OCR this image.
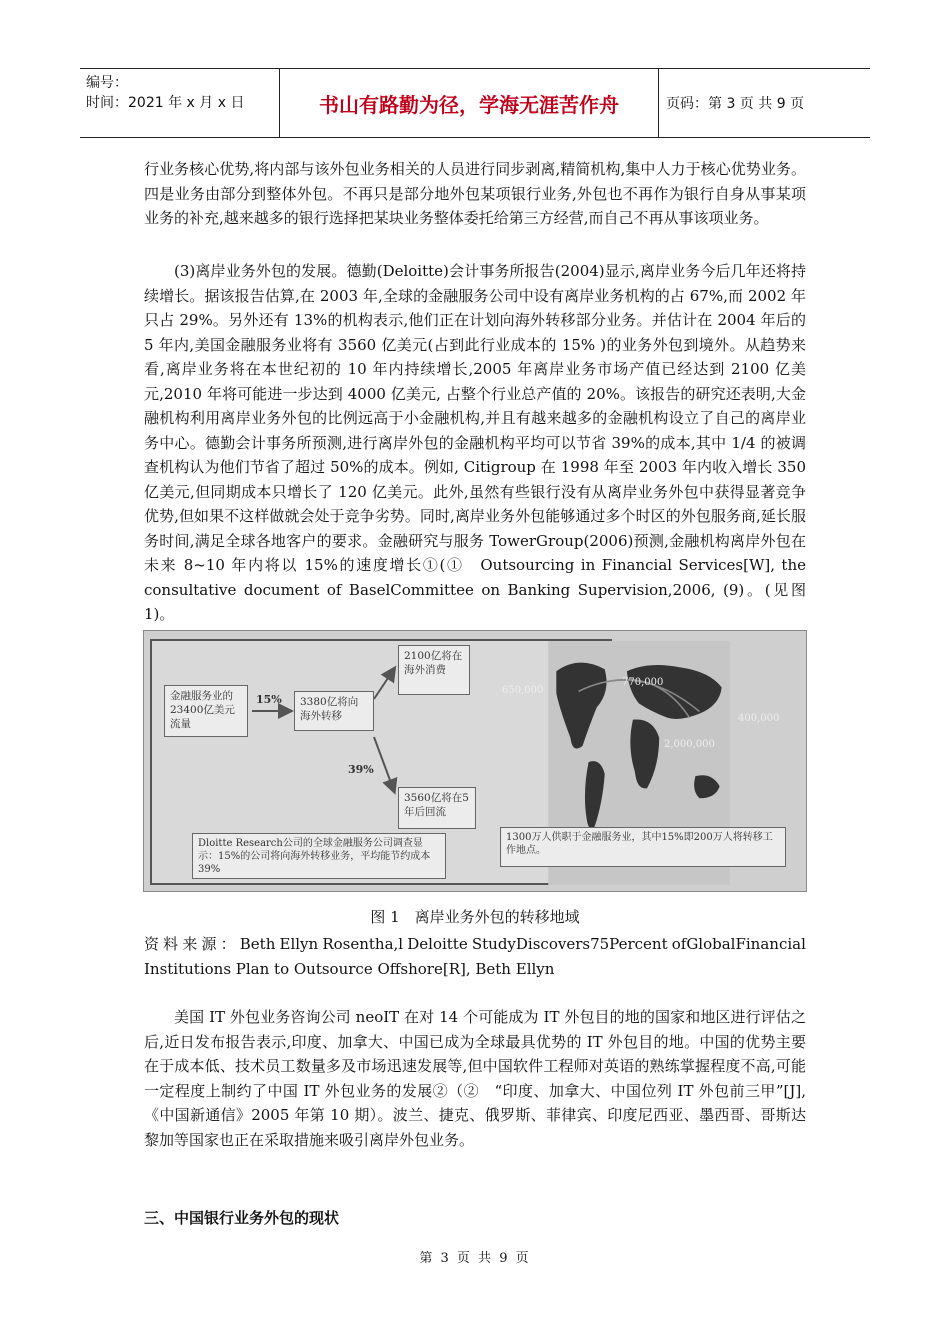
编号：
时间：2021 年 x 月 x 日	书山有路勤为径，学海无涯苦作舟	页码：第 3 页 共 9 页

行业务核心优势,将内部与该外包业务相关的人员进行同步剥离,精简机构,集中人力于核心优势业务。四是业务由部分到整体外包。不再只是部分地外包某项银行业务,外包也不再作为银行自身从事某项业务的补充,越来越多的银行选择把某块业务整体委托给第三方经营,而自己不再从事该项业务。

(3)离岸业务外包的发展。德勤(Deloitte)会计事务所报告(2004)显示,离岸业务今后几年还将持续增长。据该报告估算,在 2003 年,全球的金融服务公司中设有离岸业务机构的占 67%,而 2002 年只占 29%。另外还有 13%的机构表示,他们正在计划向海外转移部分业务。并估计在 2004 年后的 5 年内,美国金融服务业将有 3560 亿美元(占到此行业成本的 15% )的业务外包到境外。从趋势来看,离岸业务将在本世纪初的 10 年内持续增长,2005 年离岸业务市场产值已经达到 2100 亿美元,2010 年将可能进一步达到 4000 亿美元, 占整个行业总产值的 20%。该报告的研究还表明,大金融机构利用离岸业务外包的比例远高于小金融机构,并且有越来越多的金融机构设立了自己的离岸业务中心。德勤会计事务所预测,进行离岸外包的金融机构平均可以节省 39%的成本,其中 1/4 的被调查机构认为他们节省了超过 50%的成本。例如, Citigroup 在 1998 年至 2003 年内收入增长 350 亿美元,但同期成本只增长了 120 亿美元。此外,虽然有些银行没有从离岸业务外包中获得显著竞争优势,但如果不这样做就会处于竞争劣势。同时,离岸业务外包能够通过多个时区的外包服务商,延长服务时间,满足全球各地客户的要求。金融研究与服务 TowerGroup(2006)预测,金融机构离岸外包在未来 8~10 年内将以 15%的速度增长①(①　Outsourcing in Financial Services[W], the consultative document of BaselCommittee on Banking Supervision,2006, (9)。(见图 1)。

金融服务业的23400亿美元流量
15%	3380亿将向海外转移
2100亿将在海外消费
39%
3560亿将在5年后回流
Dloitte Research公司的全球金融服务公司调查显示：15%的公司将向海外转移业务，平均能节约成本39%
650,000
770,000
400,000
2,000,000
1300万人供职于金融服务业，其中15%即200万人将转移工作地点。
图 1　离岸业务外包的转移地域
资 料 来 源 ： Beth Ellyn Rosentha,l Deloitte StudyDiscovers75Percent ofGlobalFinancial
Institutions Plan to Outsource Offshore[R], Beth Ellyn

美国 IT 外包业务咨询公司 neoIT 在对 14 个可能成为 IT 外包目的地的国家和地区进行评估之后,近日发布报告表示,印度、加拿大、中国已成为全球最具优势的 IT 外包目的地。中国的优势主要在于成本低、技术员工数量多及市场迅速发展等,但中国软件工程师对英语的熟练掌握程度不高,可能一定程度上制约了中国 IT 外包业务的发展②（②　“印度、加拿大、中国位列 IT 外包前三甲”[J],《中国新通信》2005 年第 10 期）。波兰、捷克、俄罗斯、菲律宾、印度尼西亚、墨西哥、哥斯达黎加等国家也正在采取措施来吸引离岸外包业务。

三、中国银行业务外包的现状
第 3 页 共 9 页
